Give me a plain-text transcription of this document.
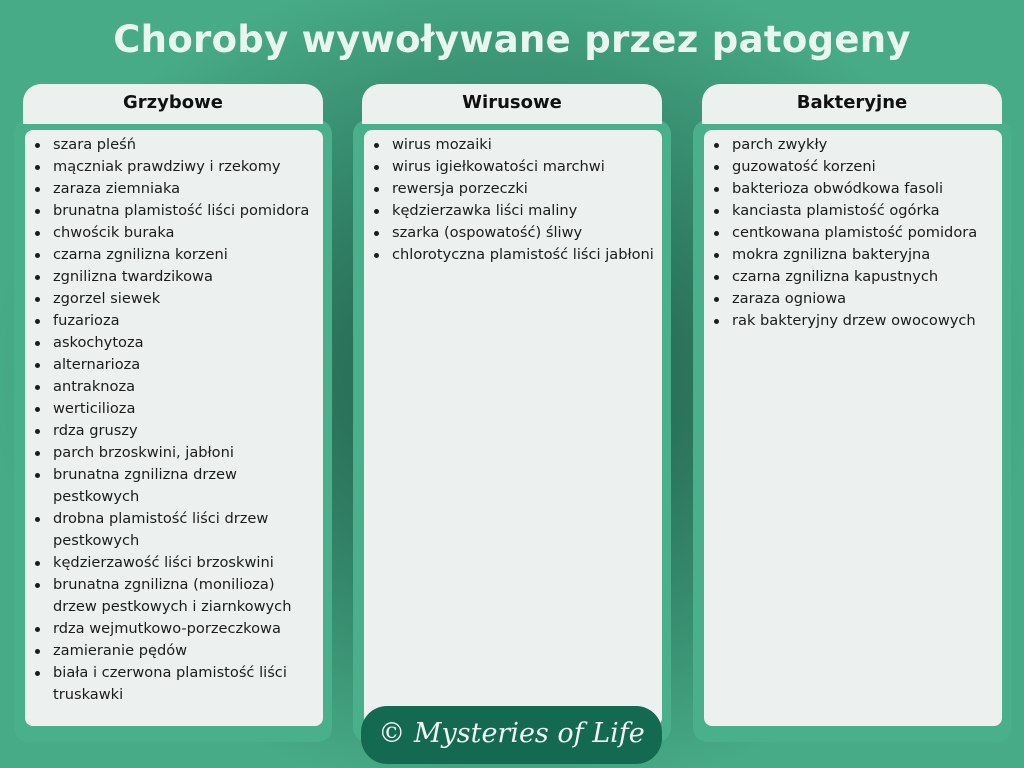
Choroby wywoływane przez patogeny
szara pleśń
mączniak prawdziwy i rzekomy
zaraza ziemniaka
brunatna plamistość liści pomidora
chwościk buraka
czarna zgnilizna korzeni
zgnilizna twardzikowa
zgorzel siewek
fuzarioza
askochytoza
alternarioza
antraknoza
werticilioza
rdza gruszy
parch brzoskwini, jabłoni
brunatna zgnilizna drzew pestkowych
drobna plamistość liści drzew pestkowych
kędzierzawość liści brzoskwini
brunatna zgnilizna (monilioza) drzew pestkowych i ziarnkowych
rdza wejmutkowo-porzeczkowa
zamieranie pędów
biała i czerwona plamistość liści truskawki
Grzybowe
wirus mozaiki
wirus igiełkowatości marchwi
rewersja porzeczki
kędzierzawka liści maliny
szarka (ospowatość) śliwy
chlorotyczna plamistość liści jabłoni
Wirusowe
parch zwykły
guzowatość korzeni
bakterioza obwódkowa fasoli
kanciasta plamistość ogórka
centkowana plamistość pomidora
mokra zgnilizna bakteryjna
czarna zgnilizna kapustnych
zaraza ogniowa
rak bakteryjny drzew owocowych
Bakteryjne
© Mysteries of Life
